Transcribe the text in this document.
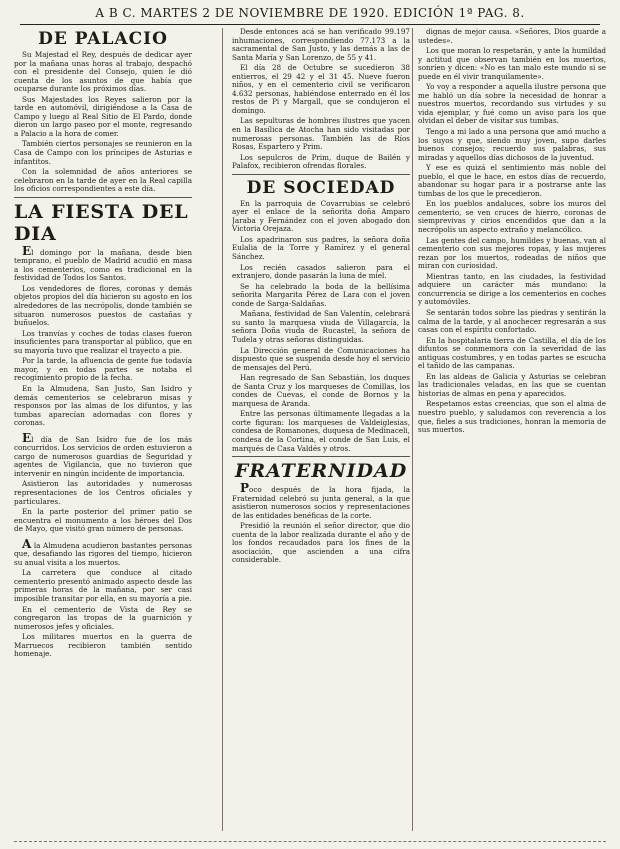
A B C. MARTES 2 DE NOVIEMBRE DE 1920. EDICIÓN 1ª PAG. 8.
DE PALACIO

Su Majestad el Rey, después de dedicar ayer por la mañana unas horas al trabajo, despachó con el presidente del Consejo, quien le dió cuenta de los asuntos de que había que ocuparse durante los próximos días.

Sus Majestades los Reyes salieron por la tarde en automóvil, dirigiéndose a la Casa de Campo y luego al Real Sitio de El Pardo, donde dieron un largo paseo por el monte, regresando a Palacio a la hora de comer.

También ciertos personajes se reunieron en la Casa de Campo con los príncipes de Asturias e infantitos.

Con la solemnidad de años anteriores se celebraron en la tarde de ayer en la Real capilla los oficios correspondientes a este día.

LA FIESTA DEL DIA

El domingo por la mañana, desde bien temprano, el pueblo de Madrid acudió en masa a los cementerios, como es tradicional en la festividad de Todos los Santos.

Los vendedores de flores, coronas y demás objetos propios del día hicieron su agosto en los alrededores de las necrópolis, donde también se situaron numerosos puestos de castañas y buñuelos.

Los tranvías y coches de todas clases fueron insuficientes para transportar al público, que en su mayoría tuvo que realizar el trayecto a pie.

Por la tarde, la afluencia de gente fue todavía mayor, y en todas partes se notaba el recogimiento propio de la fecha.

En la Almudena, San Justo, San Isidro y demás cementerios se celebraron misas y responsos por las almas de los difuntos, y las tumbas aparecían adornadas con flores y coronas.

El día de San Isidro fue de los más concurridos. Los servicios de orden estuvieron a cargo de numerosos guardias de Seguridad y agentes de Vigilancia, que no tuvieron que intervenir en ningún incidente de importancia.

Asistieron las autoridades y numerosas representaciones de los Centros oficiales y particulares.

En la parte posterior del primer patio se encuentra el monumento a los héroes del Dos de Mayo, que visitó gran número de personas.

A la Almudena acudieron bastantes personas que, desafiando las rigores del tiempo, hicieron su anual visita a los muertos.

La carretera que conduce al citado cementerio presentó animado aspecto desde las primeras horas de la mañana, por ser casi imposible transitar por ella, en su mayoría a pie.

En el cementerio de Vista de Rey se congregaron las tropas de la guarnición y numerosos jefes y oficiales.

Los militares muertos en la guerra de Marruecos recibieron también sentido homenaje.

Desde entonces acá se han verificado 99.197 inhumaciones, correspondiendo 77.173 a la sacramental de San Justo, y las demás a las de Santa María y San Lorenzo, de 55 y 41.

El día 28 de Octubre se sucedieron 38 entierros, el 29 42 y el 31 45. Nueve fueron niños, y en el cementerio civil se verificaron 4.632 personas, habiéndose enterrado en él los restos de Pi y Margall, que se condujeron el domingo.

Las sepulturas de hombres ilustres que yacen en la Basílica de Atocha han sido visitadas por numerosas personas. También las de Ríos Rosas, Espartero y Prim.

Los sepulcros de Prim, duque de Bailén y Palafox, recibieron ofrendas florales.

DE SOCIEDAD

En la parroquia de Covarrubias se celebró ayer el enlace de la señorita doña Amparo Jaraba y Fernández con el joven abogado don Victoria Orejaza.

Los apadrinaron sus padres, la señora doña Eulalia de la Torre y Ramírez y el general Sánchez.

Los recién casados salieron para el extranjero, donde pasarán la luna de miel.

Se ha celebrado la boda de la bellísima señorita Margarita Pérez de Lara con el joven conde de Sarga-Saldañas.

Mañana, festividad de San Valentín, celebrará su santo la marquesa viuda de Villagarcía, la señora Doña viuda de Rucastel, la señora de Tudela y otras señoras distinguidas.

La Dirección general de Comunicaciones ha dispuesto que se suspenda desde hoy el servicio de mensajes del Perú.

Han regresado de San Sebastián, los duques de Santa Cruz y los marqueses de Comillas, los condes de Cuevas, el conde de Bornos y la marquesa de Aranda.

Entre las personas últimamente llegadas a la corte figuran: los marqueses de Valdeiglesias, condesa de Romanones, duquesa de Medinaceli, condesa de la Cortina, el conde de San Luis, el marqués de Casa Valdés y otros.

FRATERNIDAD

Poco después de la hora fijada, la Fraternidad celebró su junta general, a la que asistieron numerosos socios y representaciones de las entidades benéficas de la corte.

Presidió la reunión el señor director, que dio cuenta de la labor realizada durante el año y de los fondos recaudados para los fines de la asociación, que ascienden a una cifra considerable.

dignas de mejor causa. «Señores, Dios guarde a ustedes».

Los que moran lo respetarán, y ante la humildad y actitud que observan también en los muertos, sonríen y dicen: «No es tan malo este mundo si se puede en él vivir tranquilamente».

Yo voy a responder a aquella ilustre persona que me habló un día sobre la necesidad de honrar a nuestros muertos, recordando sus virtudes y su vida ejemplar, y fué como un aviso para los que olvidan el deber de visitar sus tumbas.

Tengo a mi lado a una persona que amó mucho a los suyos y que, siendo muy joven, supo darles buenos consejos; recuerdo sus palabras, sus miradas y aquellos días dichosos de la juventud.

Y ese es quizá el sentimiento más noble del pueblo, el que le hace, en estos días de recuerdo, abandonar su hogar para ir a postrarse ante las tumbas de los que le precedieron.

En los pueblos andaluces, sobre los muros del cementerio, se ven cruces de hierro, coronas de siemprevivas y cirios encendidos que dan a la necrópolis un aspecto extraño y melancólico.

Las gentes del campo, humildes y buenas, van al cementerio con sus mejores ropas, y las mujeres rezan por los muertos, rodeadas de niños que miran con curiosidad.

Mientras tanto, en las ciudades, la festividad adquiere un carácter más mundano: la concurrencia se dirige a los cementerios en coches y automóviles.

Se sentarán todos sobre las piedras y sentirán la calma de la tarde, y al anochecer regresarán a sus casas con el espíritu confortado.

En la hospitalaria tierra de Castilla, el día de los difuntos se conmemora con la severidad de las antiguas costumbres, y en todas partes se escucha el tañido de las campanas.

En las aldeas de Galicia y Asturias se celebran las tradicionales veladas, en las que se cuentan historias de almas en pena y aparecidos.

Respetamos estas creencias, que son el alma de nuestro pueblo, y saludamos con reverencia a los que, fieles a sus tradiciones, honran la memoria de sus muertos.
